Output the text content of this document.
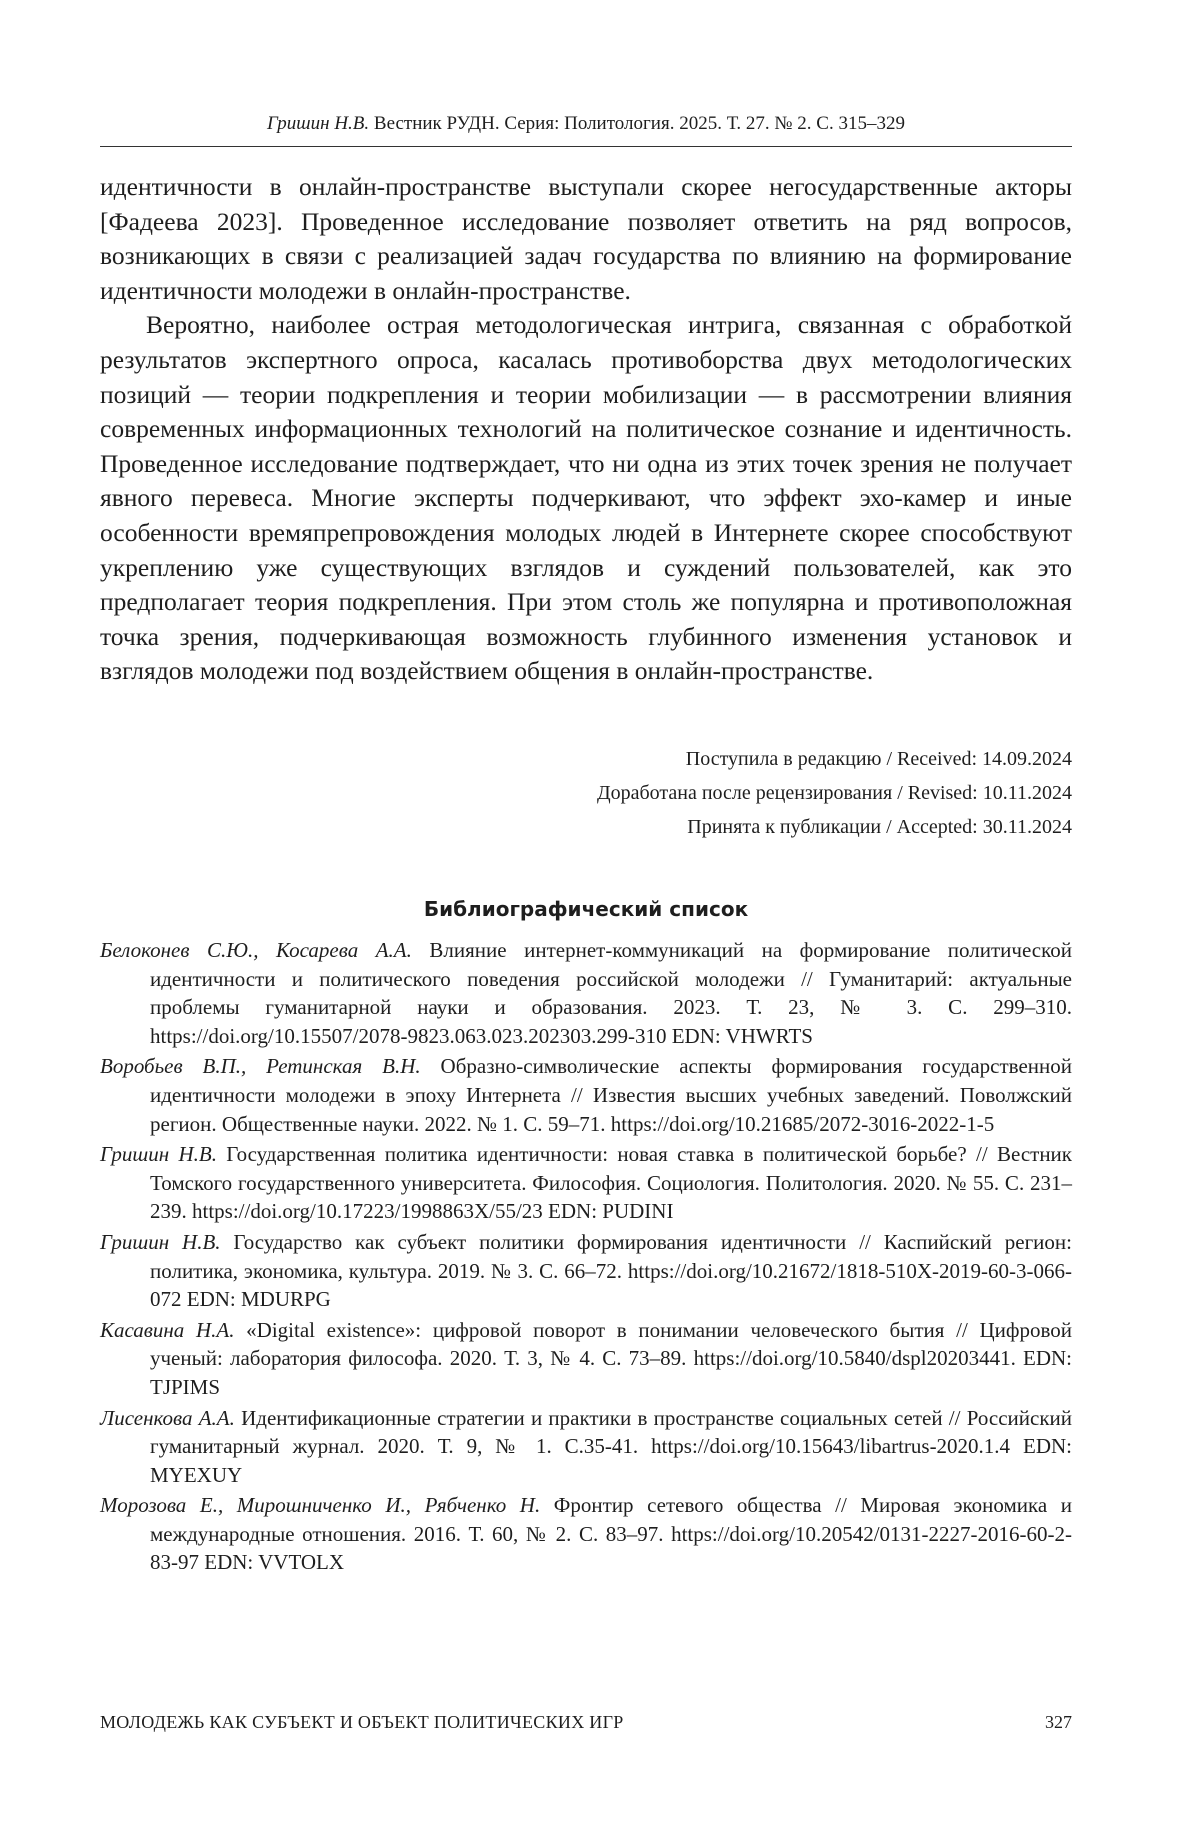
Гришин Н.В. Вестник РУДН. Серия: Политология. 2025. Т. 27. № 2. С. 315–329

идентичности в онлайн-пространстве выступали скорее негосударственные акторы [Фадеева 2023]. Проведенное исследование позволяет ответить на ряд вопросов, возникающих в связи с реализацией задач государства по влиянию на формирование идентичности молодежи в онлайн-пространстве.

Вероятно, наиболее острая методологическая интрига, связанная с обработкой результатов экспертного опроса, касалась противоборства двух методологических позиций — теории подкрепления и теории мобилизации — в рассмотрении влияния современных информационных технологий на политическое сознание и идентичность. Проведенное исследование подтверждает, что ни одна из этих точек зрения не получает явного перевеса. Многие эксперты подчеркивают, что эффект эхо-камер и иные особенности времяпрепровождения молодых людей в Интернете скорее способствуют укреплению уже существующих взглядов и суждений пользователей, как это предполагает теория подкрепления. При этом столь же популярна и противоположная точка зрения, подчеркивающая возможность глубинного изменения установок и взглядов молодежи под воздействием общения в онлайн-пространстве.

Поступила в редакцию / Received: 14.09.2024
Доработана после рецензирования / Revised: 10.11.2024
Принята к публикации / Accepted: 30.11.2024
Библиографический список
Белоконев С.Ю., Косарева А.А. Влияние интернет-коммуникаций на формирование политической идентичности и политического поведения российской молодежи // Гуманитарий: актуальные проблемы гуманитарной науки и образования. 2023. Т. 23, № 3. С. 299–310. https://doi.org/10.15507/2078-9823.063.023.202303.299-310 EDN: VHWRTS
Воробьев В.П., Ретинская В.Н. Образно-символические аспекты формирования государственной идентичности молодежи в эпоху Интернета // Известия высших учебных заведений. Поволжский регион. Общественные науки. 2022. № 1. С. 59–71. https://doi.org/10.21685/2072-3016-2022-1-5
Гришин Н.В. Государственная политика идентичности: новая ставка в политической борьбе? // Вестник Томского государственного университета. Философия. Социология. Политология. 2020. № 55. С. 231–239. https://doi.org/10.17223/1998863X/55/23 EDN: PUDINI
Гришин Н.В. Государство как субъект политики формирования идентичности // Каспийский регион: политика, экономика, культура. 2019. № 3. С. 66–72. https://doi.org/10.21672/1818-510X-2019-60-3-066-072 EDN: MDURPG
Касавина Н.А. «Digital existence»: цифровой поворот в понимании человеческого бытия // Цифровой ученый: лаборатория философа. 2020. Т. 3, № 4. С. 73–89. https://doi.org/10.5840/dspl20203441. EDN: TJPIMS
Лисенкова А.А. Идентификационные стратегии и практики в пространстве социальных сетей // Российский гуманитарный журнал. 2020. Т. 9, № 1. С.35-41. https://doi.org/10.15643/libartrus-2020.1.4 EDN: MYEXUY
Морозова Е., Мирошниченко И., Рябченко Н. Фронтир сетевого общества // Мировая экономика и международные отношения. 2016. Т. 60, № 2. С. 83–97. https://doi.org/10.20542/0131-2227-2016-60-2-83-97 EDN: VVTOLX
МОЛОДЕЖЬ КАК СУБЪЕКТ И ОБЪЕКТ ПОЛИТИЧЕСКИХ ИГР	327
